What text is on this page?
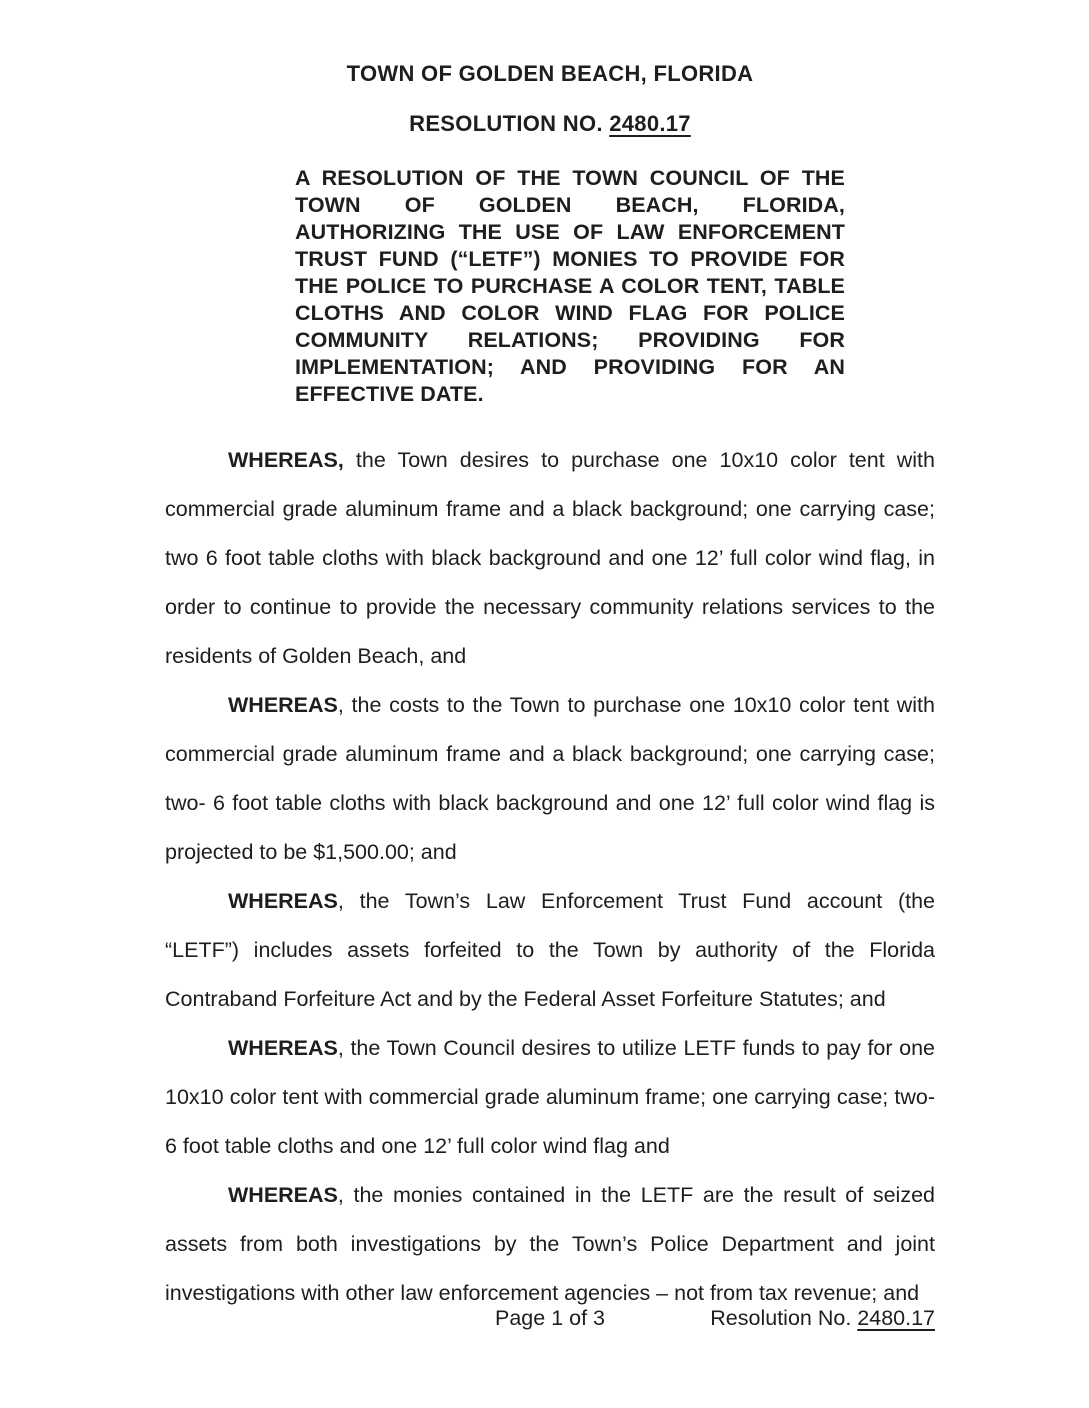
TOWN OF GOLDEN BEACH, FLORIDA
RESOLUTION NO. 2480.17
A RESOLUTION OF THE TOWN COUNCIL OF THE TOWN OF GOLDEN BEACH, FLORIDA, AUTHORIZING THE USE OF LAW ENFORCEMENT TRUST FUND (“LETF”) MONIES TO PROVIDE FOR THE POLICE TO PURCHASE A COLOR TENT, TABLE CLOTHS AND COLOR WIND FLAG FOR POLICE COMMUNITY RELATIONS; PROVIDING FOR IMPLEMENTATION; AND PROVIDING FOR AN EFFECTIVE DATE.

WHEREAS, the Town desires to purchase one 10x10 color tent with commercial grade aluminum frame and a black background; one carrying case; two 6 foot table cloths with black background and one 12’ full color wind flag, in order to continue to provide the necessary community relations services to the residents of Golden Beach, and

WHEREAS, the costs to the Town to purchase one 10x10 color tent with commercial grade aluminum frame and a black background; one carrying case; two- 6 foot table cloths with black background and one 12’ full color wind flag is projected to be $1,500.00; and

WHEREAS, the Town’s Law Enforcement Trust Fund account (the “LETF”) includes assets forfeited to the Town by authority of the Florida Contraband Forfeiture Act and by the Federal Asset Forfeiture Statutes; and

WHEREAS, the Town Council desires to utilize LETF funds to pay for one 10x10 color tent with commercial grade aluminum frame; one carrying case; two- 6 foot table cloths and one 12’ full color wind flag and

WHEREAS, the monies contained in the LETF are the result of seized assets from both investigations by the Town’s Police Department and joint investigations with other law enforcement agencies – not from tax revenue; and

Page 1 of 3	Resolution No. 2480.17
